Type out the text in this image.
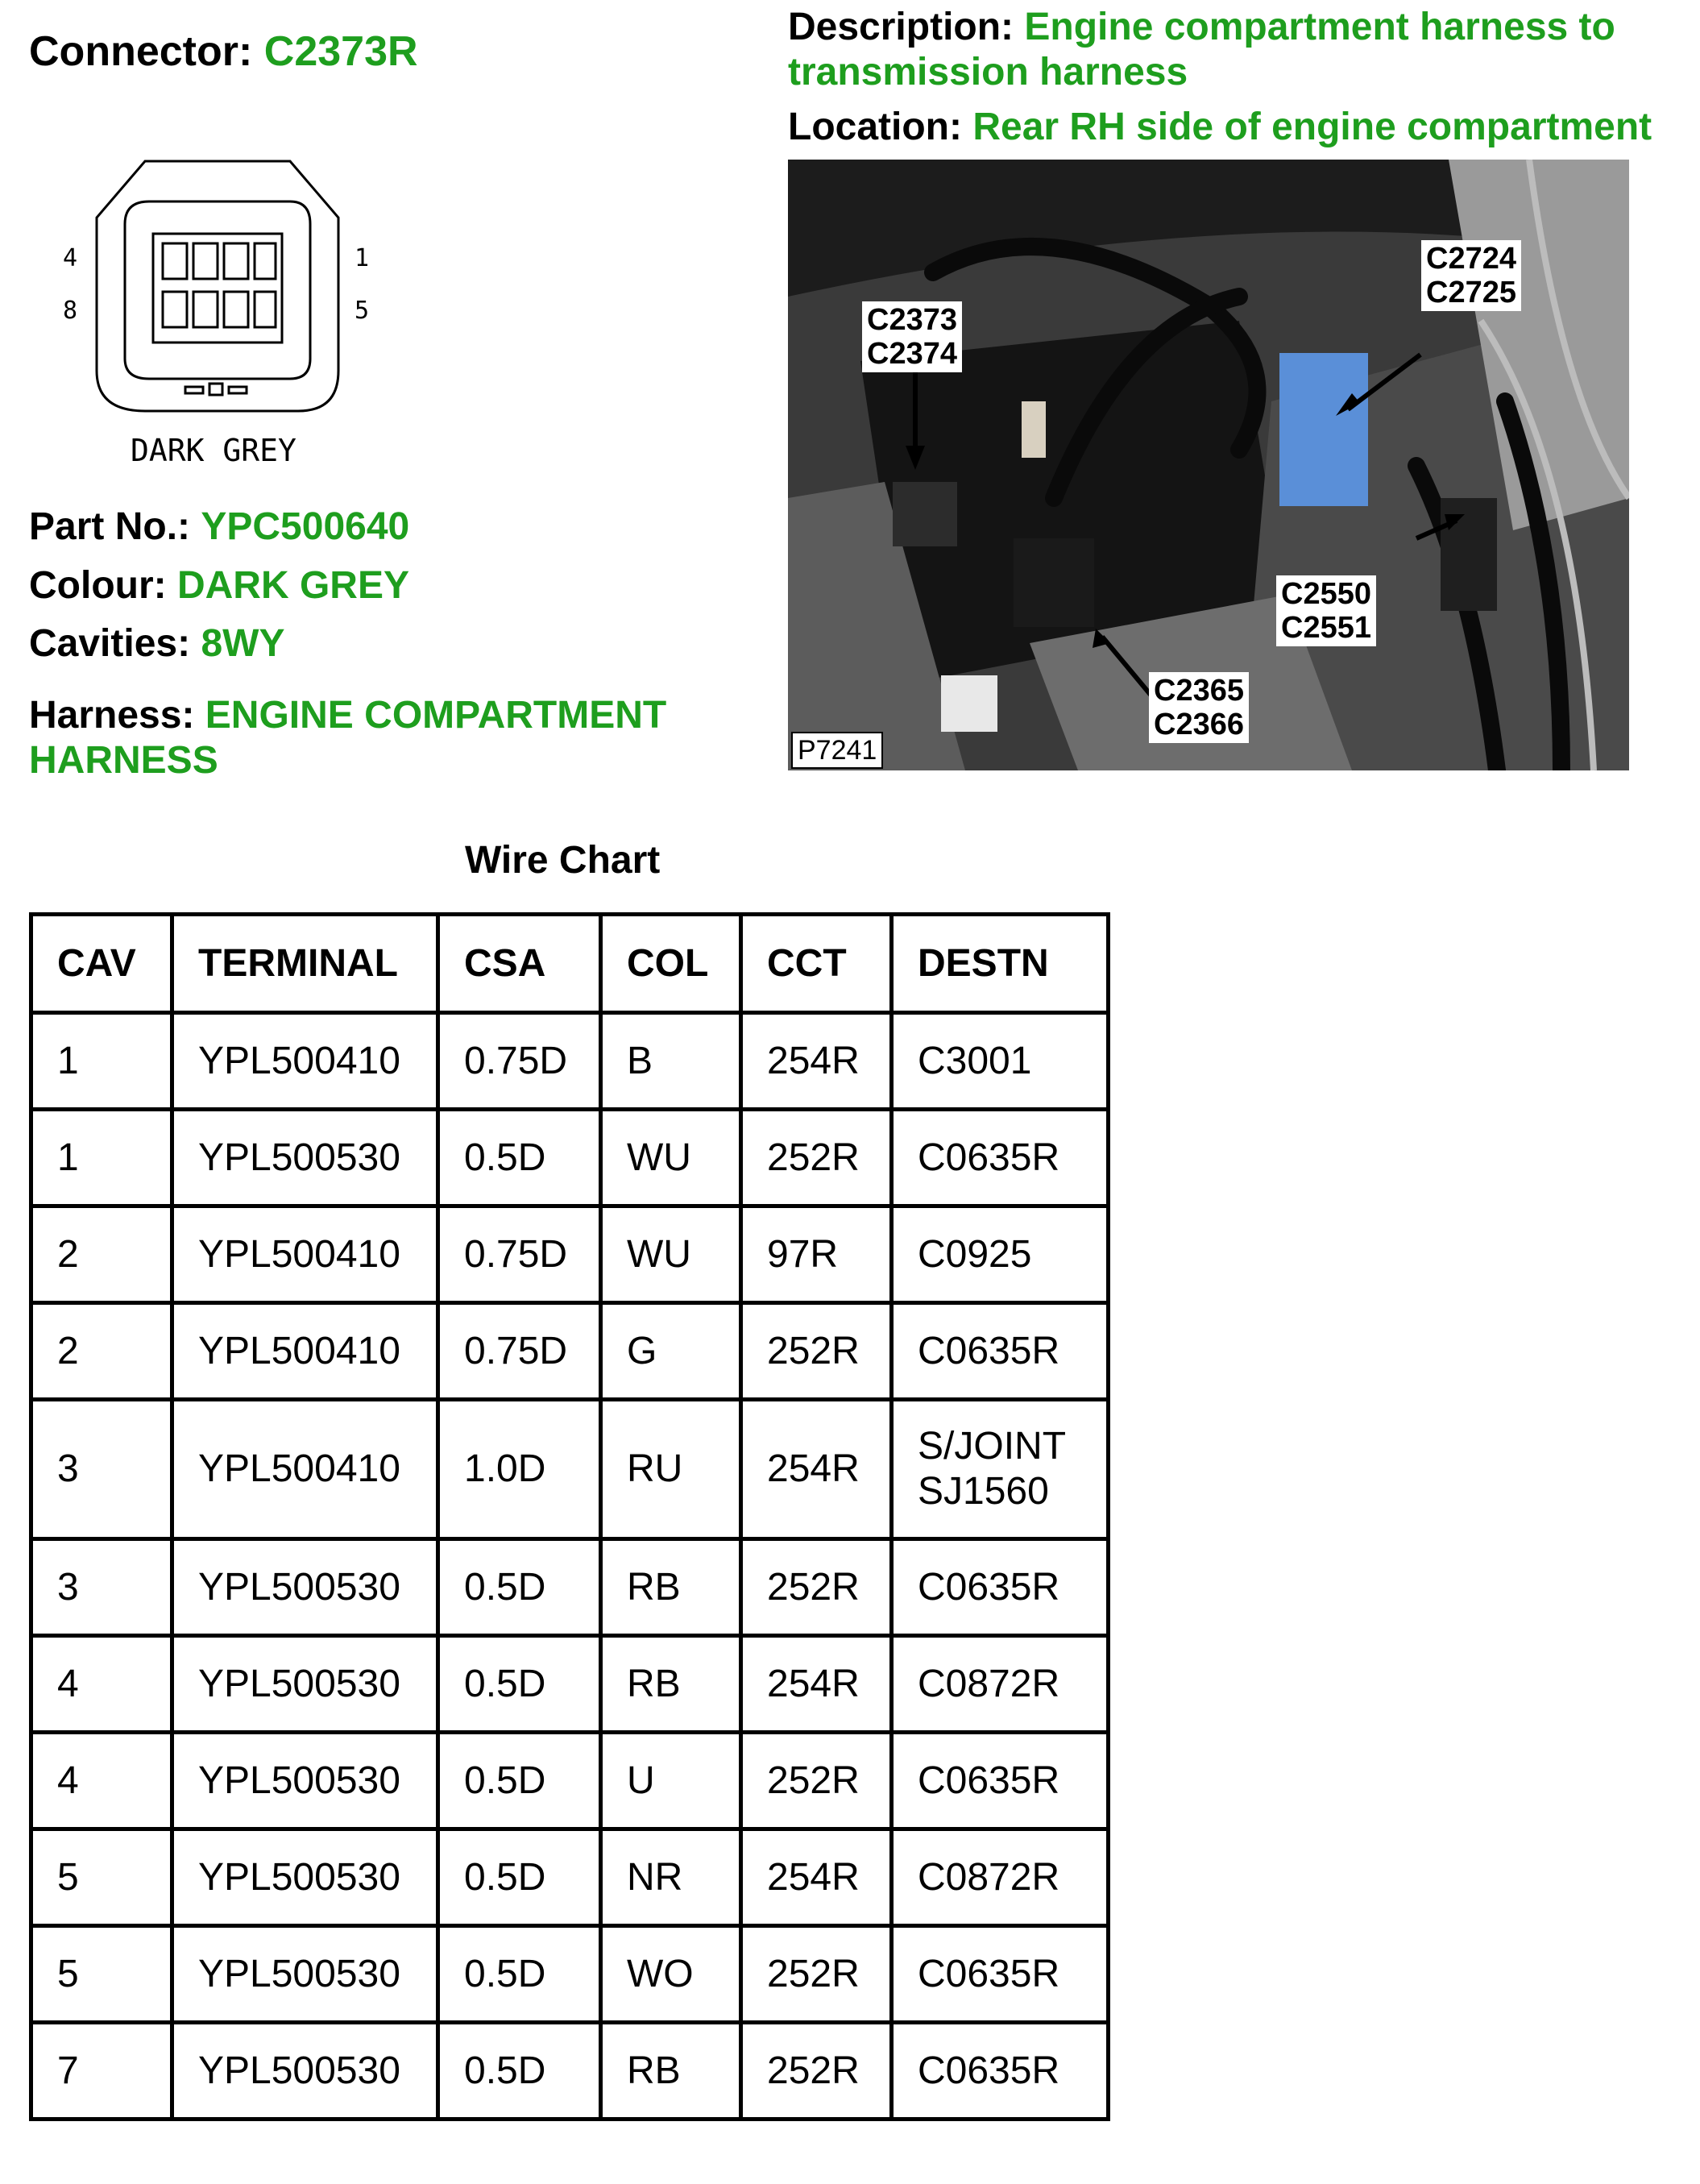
Connector: C2373R
Description: Engine compartment harness to transmission harness
Location: Rear RH side of engine compartment
4
8
1
5
DARK GREY
Part No.: YPC500640
Colour: DARK GREY
Cavities: 8WY
Harness: ENGINE COMPARTMENT HARNESS
C2373
C2374
C2724
C2725
C2550
C2551
C2365
C2366
P7241
Wire Chart
CAV	TERMINAL	CSA	COL	CCT	DESTN
1	YPL500410	0.75D	B	254R	C3001
1	YPL500530	0.5D	WU	252R	C0635R
2	YPL500410	0.75D	WU	97R	C0925
2	YPL500410	0.75D	G	252R	C0635R
3	YPL500410	1.0D	RU	254R	S/JOINT
SJ1560
3	YPL500530	0.5D	RB	252R	C0635R
4	YPL500530	0.5D	RB	254R	C0872R
4	YPL500530	0.5D	U	252R	C0635R
5	YPL500530	0.5D	NR	254R	C0872R
5	YPL500530	0.5D	WO	252R	C0635R
7	YPL500530	0.5D	RB	252R	C0635R
